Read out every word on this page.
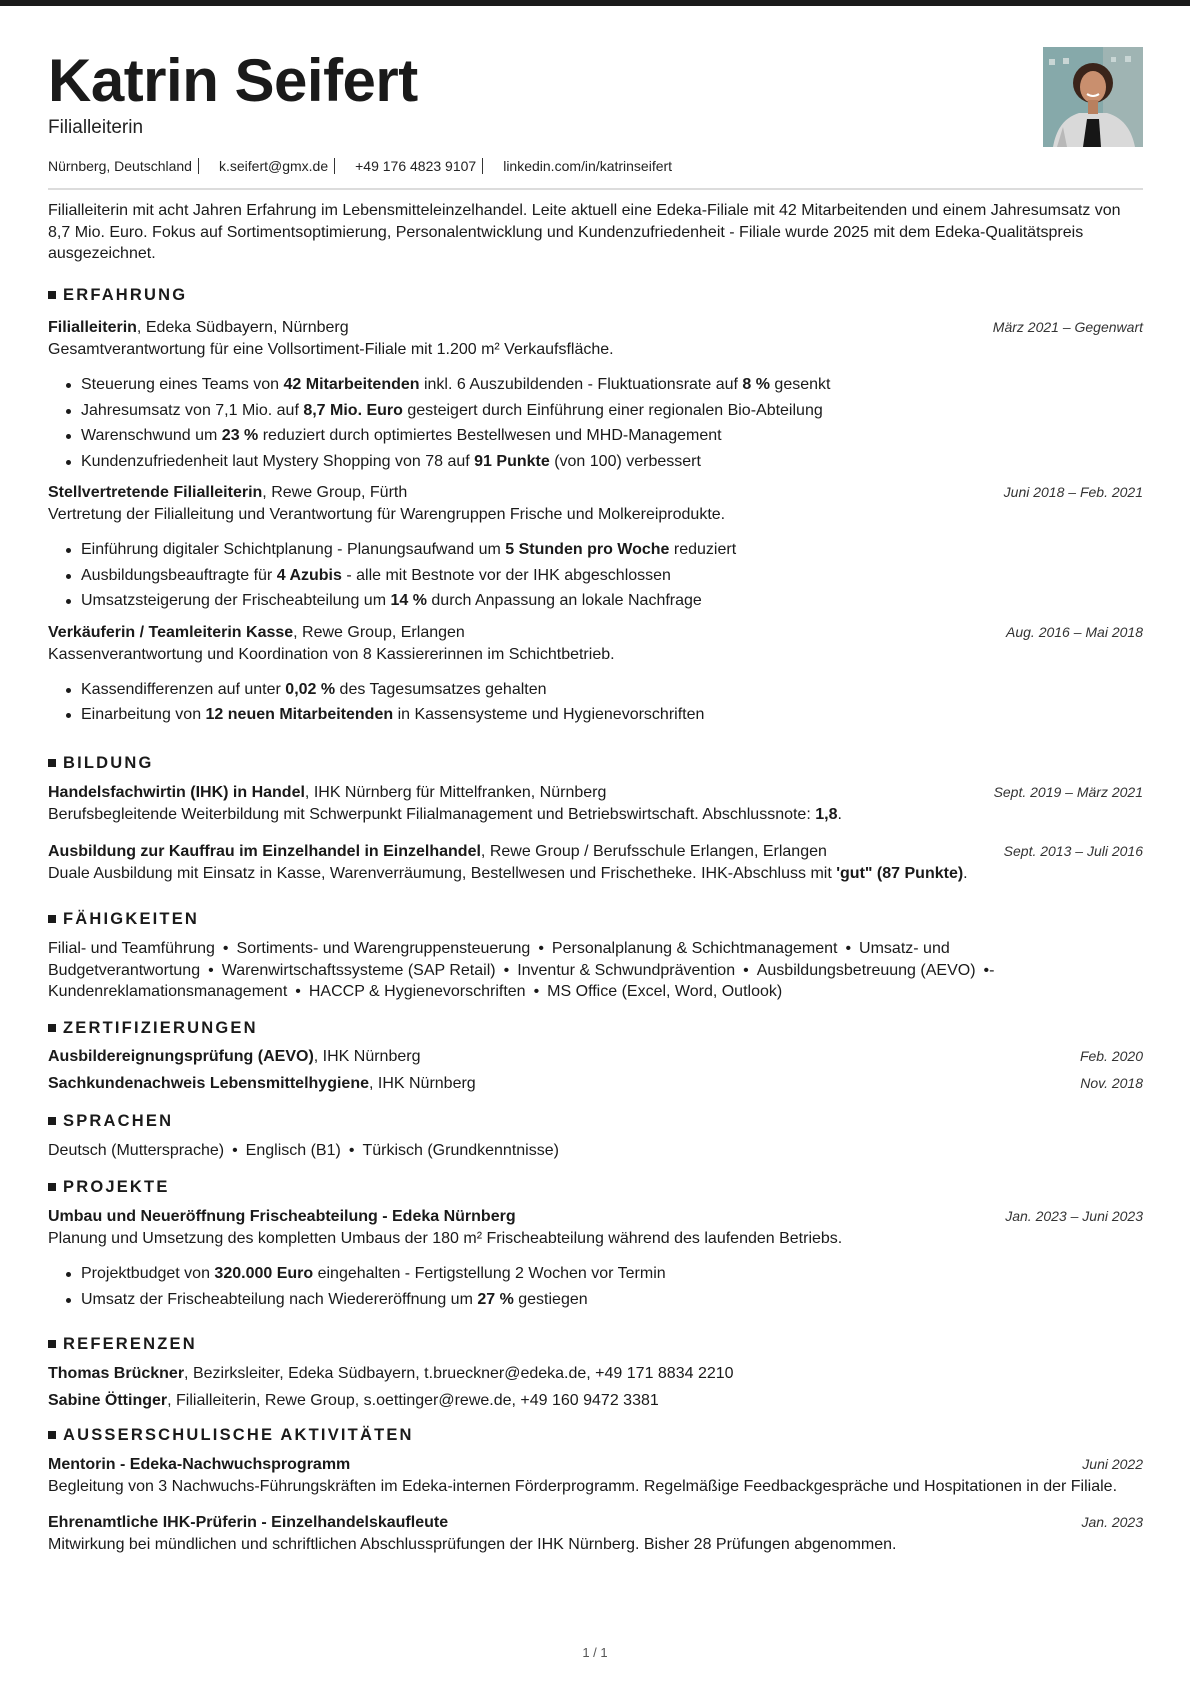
Katrin Seifert
Filialleiterin
Nürnberg, Deutschland k.seifert@gmx.de +49 176 4823 9107 linkedin.com/in/katrinseifert
Filialleiterin mit acht Jahren Erfahrung im Lebensmitteleinzelhandel. Leite aktuell eine Edeka-Filiale mit 42 Mitarbeitenden und einem Jahresumsatz von 8,7 Mio. Euro. Fokus auf Sortimentsoptimierung, Personalentwicklung und Kundenzufriedenheit - Filiale wurde 2025 mit dem Edeka-Qualitätspreis ausgezeichnet.
ERFAHRUNG
Filialleiterin, Edeka Südbayern, Nürnberg	März 2021 – Gegenwart
Gesamtverantwortung für eine Vollsortiment-Filiale mit 1.200 m² Verkaufsfläche.
Steuerung eines Teams von 42 Mitarbeitenden inkl. 6 Auszubildenden - Fluktuationsrate auf 8 % gesenkt
Jahresumsatz von 7,1 Mio. auf 8,7 Mio. Euro gesteigert durch Einführung einer regionalen Bio-Abteilung
Warenschwund um 23 % reduziert durch optimiertes Bestellwesen und MHD-Management
Kundenzufriedenheit laut Mystery Shopping von 78 auf 91 Punkte (von 100) verbessert
Stellvertretende Filialleiterin, Rewe Group, Fürth	Juni 2018 – Feb. 2021
Vertretung der Filialleitung und Verantwortung für Warengruppen Frische und Molkereiprodukte.
Einführung digitaler Schichtplanung - Planungsaufwand um 5 Stunden pro Woche reduziert
Ausbildungsbeauftragte für 4 Azubis - alle mit Bestnote vor der IHK abgeschlossen
Umsatzsteigerung der Frischeabteilung um 14 % durch Anpassung an lokale Nachfrage
Verkäuferin / Teamleiterin Kasse, Rewe Group, Erlangen	Aug. 2016 – Mai 2018
Kassenverantwortung und Koordination von 8 Kassiererinnen im Schichtbetrieb.
Kassendifferenzen auf unter 0,02 % des Tagesumsatzes gehalten
Einarbeitung von 12 neuen Mitarbeitenden in Kassensysteme und Hygienevorschriften
BILDUNG
Handelsfachwirtin (IHK) in Handel, IHK Nürnberg für Mittelfranken, Nürnberg	Sept. 2019 – März 2021
Berufsbegleitende Weiterbildung mit Schwerpunkt Filialmanagement und Betriebswirtschaft. Abschlussnote: 1,8.
Ausbildung zur Kauffrau im Einzelhandel in Einzelhandel, Rewe Group / Berufsschule Erlangen, Erlangen	Sept. 2013 – Juli 2016
Duale Ausbildung mit Einsatz in Kasse, Warenverräumung, Bestellwesen und Frischetheke. IHK-Abschluss mit 'gut" (87 Punkte).
FÄHIGKEITEN
Filial- und Teamführung • Sortiments- und Warengruppensteuerung • Personalplanung & Schichtmanagement • Umsatz- und Budgetverantwortung • Warenwirtschaftssysteme (SAP Retail) • Inventur & Schwundprävention • Ausbildungsbetreuung (AEVO) •-Kundenreklamationsmanagement • HACCP & Hygienevorschriften • MS Office (Excel, Word, Outlook)
ZERTIFIZIERUNGEN
Ausbildereignungsprüfung (AEVO), IHK Nürnberg	Feb. 2020
Sachkundenachweis Lebensmittelhygiene, IHK Nürnberg	Nov. 2018
SPRACHEN
Deutsch (Muttersprache) • Englisch (B1) • Türkisch (Grundkenntnisse)
PROJEKTE
Umbau und Neueröffnung Frischeabteilung - Edeka Nürnberg	Jan. 2023 – Juni 2023
Planung und Umsetzung des kompletten Umbaus der 180 m² Frischeabteilung während des laufenden Betriebs.
Projektbudget von 320.000 Euro eingehalten - Fertigstellung 2 Wochen vor Termin
Umsatz der Frischeabteilung nach Wiedereröffnung um 27 % gestiegen
REFERENZEN
Thomas Brückner, Bezirksleiter, Edeka Südbayern, t.brueckner@edeka.de, +49 171 8834 2210
Sabine Öttinger, Filialleiterin, Rewe Group, s.oettinger@rewe.de, +49 160 9472 3381
AUSSERSCHULISCHE AKTIVITÄTEN
Mentorin - Edeka-Nachwuchsprogramm	Juni 2022
Begleitung von 3 Nachwuchs-Führungskräften im Edeka-internen Förderprogramm. Regelmäßige Feedbackgespräche und Hospitationen in der Filiale.
Ehrenamtliche IHK-Prüferin - Einzelhandelskaufleute	Jan. 2023
Mitwirkung bei mündlichen und schriftlichen Abschlussprüfungen der IHK Nürnberg. Bisher 28 Prüfungen abgenommen.
1 / 1
